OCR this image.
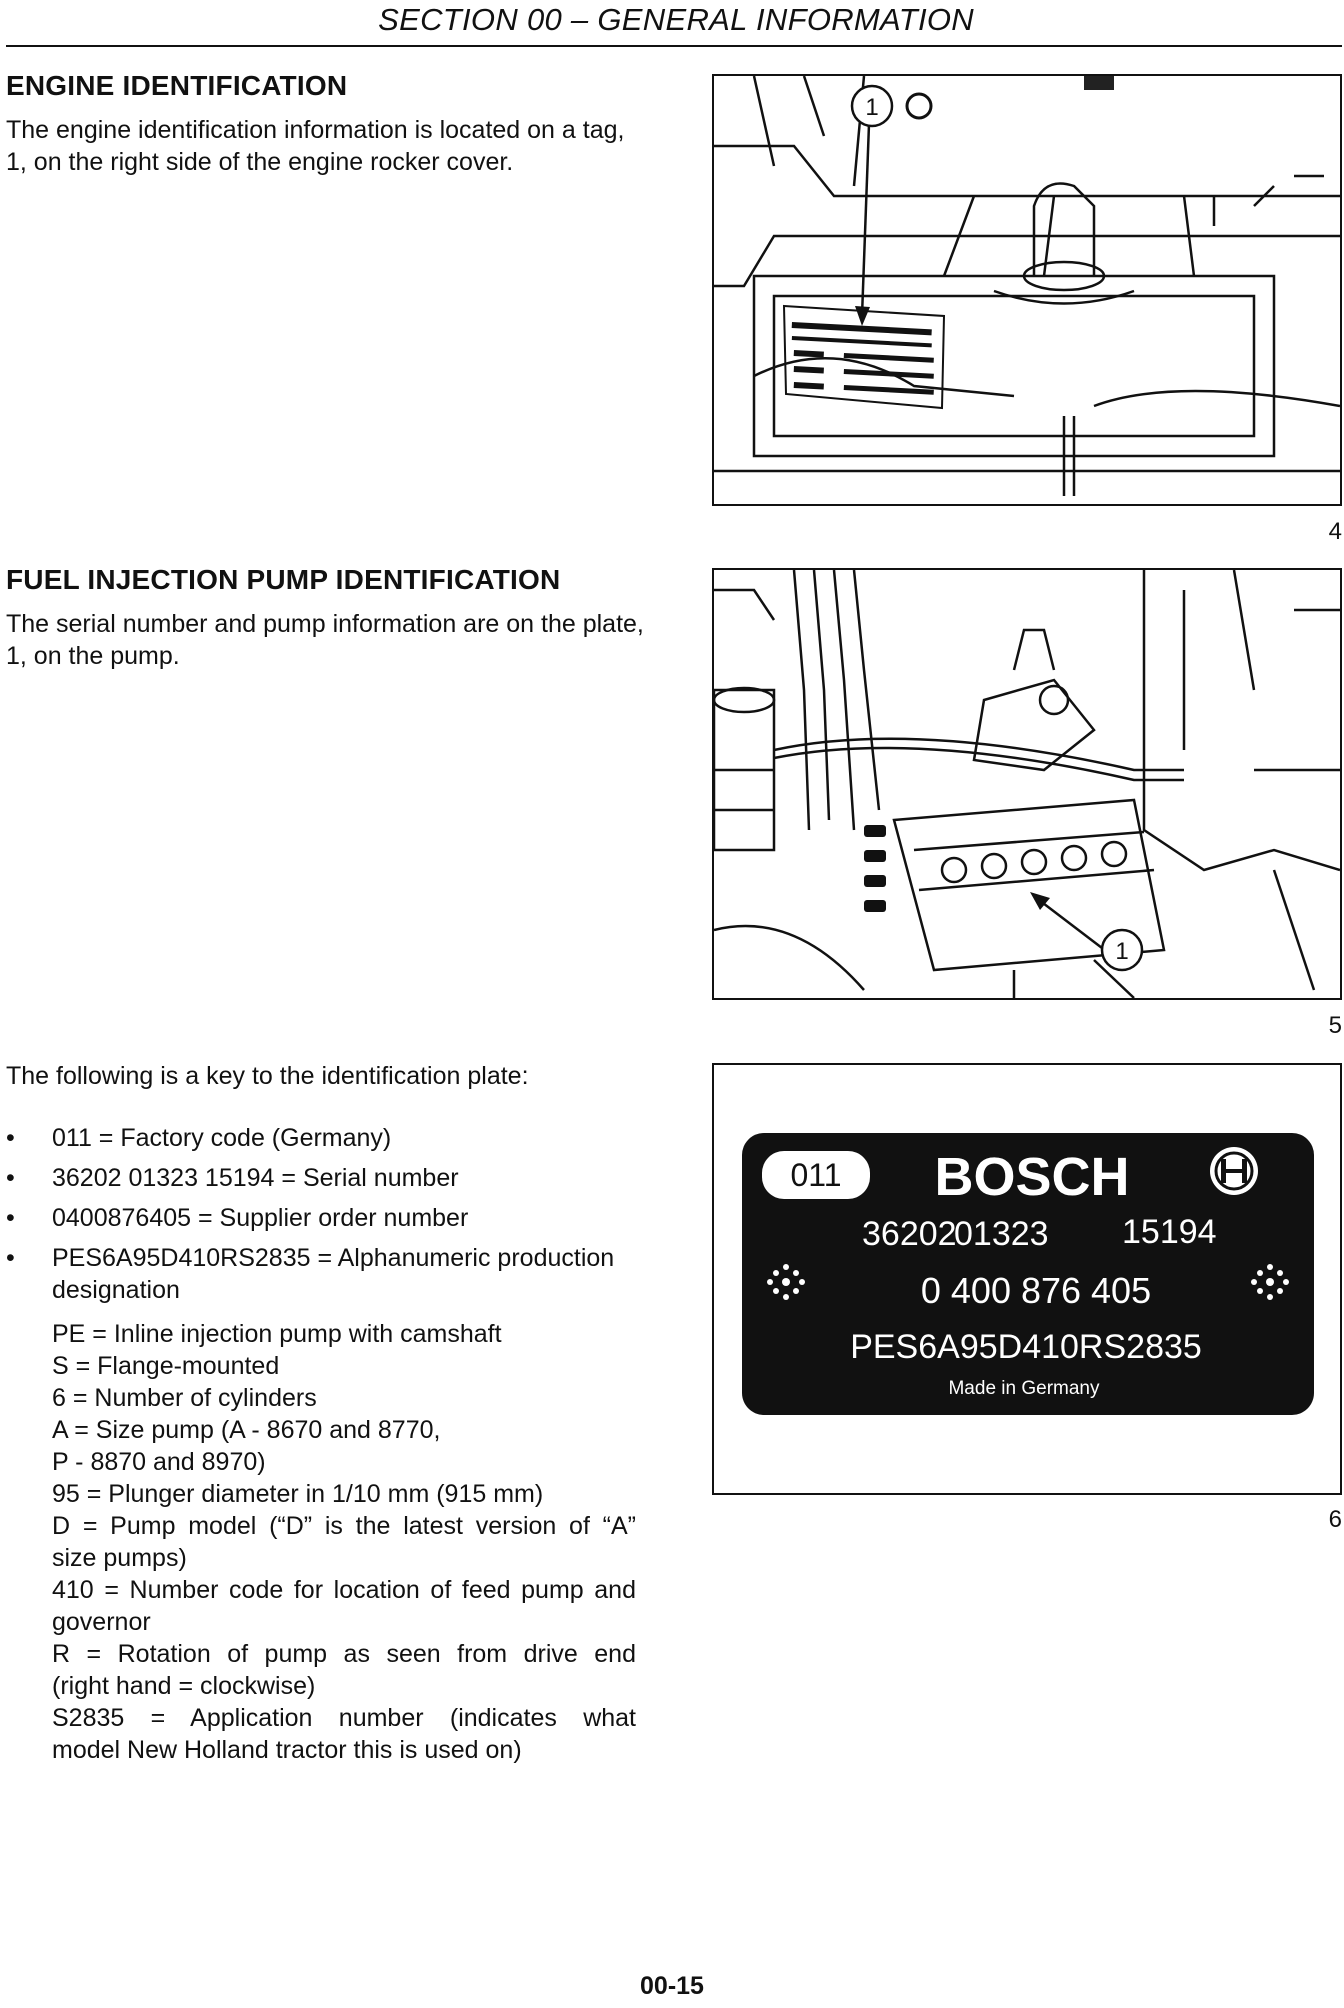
SECTION 00 – GENERAL INFORMATION
ENGINE IDENTIFICATION
The engine identification information is located on a tag, 1, on the right side of the engine rocker cover.
1
4
FUEL INJECTION PUMP IDENTIFICATION
The serial number and pump information are on the plate, 1, on the pump.
1
5
The following is a key to the identification plate:
• 011 = Factory code (Germany)
• 36202 01323 15194 = Serial number
• 0400876405 = Supplier order number
• PES6A95D410RS2835 = Alphanumeric production designation
PE = Inline injection pump with camshaft
S = Flange-mounted
6 = Number of cylinders
A = Size pump (A - 8670 and 8770,
P - 8870 and 8970)
95 = Plunger diameter in 1/10 mm (915 mm)
D = Pump model (“D” is the latest version of “A”
size pumps)
410 = Number code for location of feed pump and
governor
R = Rotation of pump as seen from drive end
(right hand = clockwise)
S2835 = Application number (indicates what
model New Holland tractor this is used on)
011 BOSCH
36202
01323 15194
0 400 876 405
PES6A95D410RS2835
Made in Germany
6
00-15
